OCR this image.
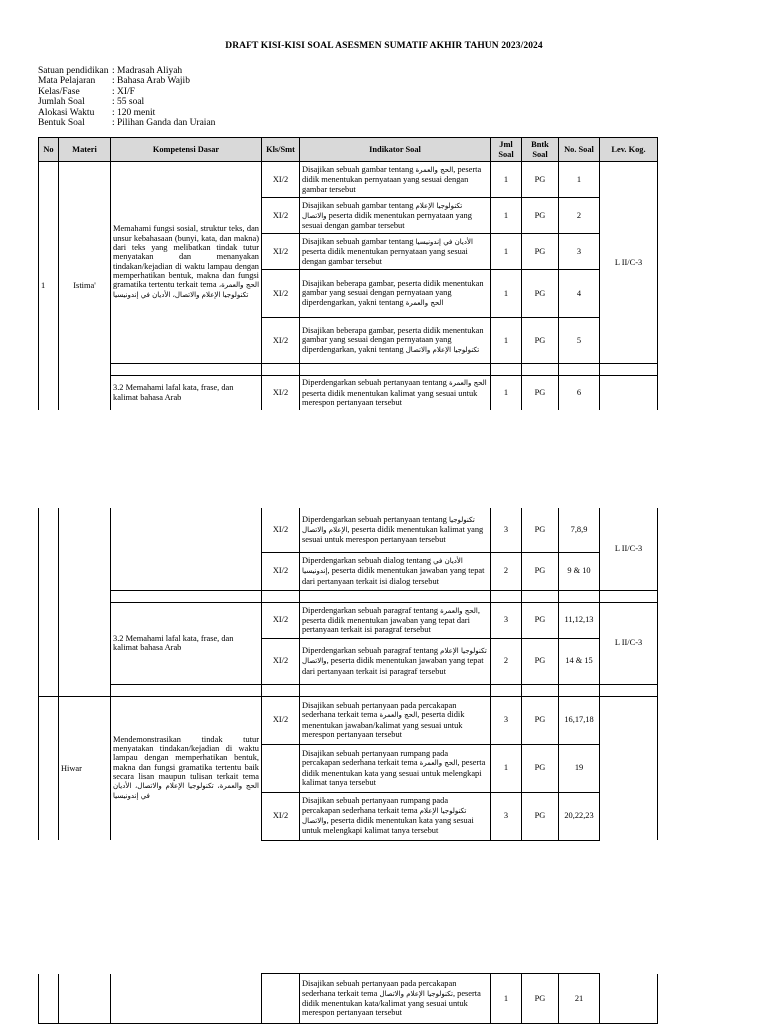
DRAFT KISI-KISI SOAL ASESMEN SUMATIF AKHIR TAHUN 2023/2024
Satuan pendidikan : Madrasah Aliyah
Mata Pelajaran	: Bahasa Arab Wajib
Kelas/Fase	: XI/F
Jumlah Soal	: 55 soal
Alokasi Waktu	: 120 menit
Bentuk Soal	: Pilihan Ganda dan Uraian
No	Materi	Kompetensi Dasar	Kls/Smt	Indikator Soal	Jml Soal	Bntk Soal	No. Soal	Lev. Kog.
1	Istima'	Memahami fungsi sosial, struktur teks, dan unsur kebahasaan (bunyi, kata, dan makna) dari teks yang melibatkan tindak tutur menyatakan dan menanyakan tindakan/kejadian di waktu lampau dengan memperhatikan bentuk, makna dan fungsi gramatika tertentu terkait tema الحج والعمرة، تكنولوجيا الإعلام والاتصال، الأديان في إندونيسيا	XI/2	Disajikan sebuah gambar tentang الحج والعمرة, peserta didik menentukan pernyataan yang sesuai dengan gambar tersebut	1	PG	1	L II/C-3
			XI/2	Disajikan sebuah gambar tentang تكنولوجيا الإعلام والاتصال peserta didik menentukan pernyataan yang sesuai dengan gambar tersebut	1	PG	2	
			XI/2	Disajikan sebuah gambar tentang الأديان في إندونيسيا peserta didik menentukan pernyataan yang sesuai dengan gambar tersebut	1	PG	3	
			XI/2	Disajikan beberapa gambar, peserta didik menentukan gambar yang sesuai dengan pernyataan yang diperdengarkan, yakni tentang الحج والعمرة	1	PG	4	
			XI/2	Disajikan beberapa gambar, peserta didik menentukan gambar yang sesuai dengan pernyataan yang diperdengarkan, yakni tentang تكنولوجيا الإعلام والاتصال	1	PG	5	

		3.2 Memahami lafal kata, frase, dan kalimat bahasa Arab	XI/2	Diperdengarkan sebuah pertanyaan tentang الحج والعمرة peserta didik menentukan kalimat yang sesuai untuk merespon pertanyaan tersebut	1	PG	6	
			XI/2	Diperdengarkan sebuah pertanyaan tentang تكنولوجيا الإعلام والاتصال, peserta didik menentukan kalimat yang sesuai untuk merespon pertanyaan tersebut	3	PG	7,8,9	L II/C-3
			XI/2	Diperdengarkan sebuah dialog tentang الأديان في إندونيسيا, peserta didik menentukan jawaban yang tepat dari pertanyaan terkait isi dialog tersebut	2	PG	9 & 10	

		3.2 Memahami lafal kata, frase, dan kalimat bahasa Arab	XI/2	Diperdengarkan sebuah paragraf tentang الحج والعمرة, peserta didik menentukan jawaban yang tepat dari pertanyaan terkait isi paragraf tersebut	3	PG	11,12,13	L II/C-3
			XI/2	Diperdengarkan sebuah paragraf tentang تكنولوجيا الإعلام والاتصال, peserta didik menentukan jawaban yang tepat dari pertanyaan terkait isi paragraf tersebut	2	PG	14 & 15	

	Hiwar	Mendemonstrasikan tindak tutur menyatakan tindakan/kejadian di waktu lampau dengan memperhatikan bentuk, makna dan fungsi gramatika tertentu baik secara lisan maupun tulisan terkait tema الحج والعمرة، تكنولوجيا الإعلام والاتصال، الأديان في إندونيسيا	XI/2	Disajikan sebuah pertanyaan pada percakapan sederhana terkait tema الحج والعمرة, peserta didik menentukan jawaban/kalimat yang sesuai untuk merespon pertanyaan tersebut	3	PG	16,17,18	
				Disajikan sebuah pertanyaan rumpang pada percakapan sederhana terkait tema الحج والعمرة, peserta didik menentukan kata yang sesuai untuk melengkapi kalimat tanya tersebut	1	PG	19	
			XI/2	Disajikan sebuah pertanyaan rumpang pada percakapan sederhana terkait tema تكنولوجيا الإعلام والاتصال, peserta didik menentukan kata yang sesuai untuk melengkapi kalimat tanya tersebut	3	PG	20,22,23	
				Disajikan sebuah pertanyaan pada percakapan sederhana terkait tema تكنولوجيا الإعلام والاتصال, peserta didik menentukan kata/kalimat yang sesuai untuk merespon pertanyaan tersebut	1	PG	21	
